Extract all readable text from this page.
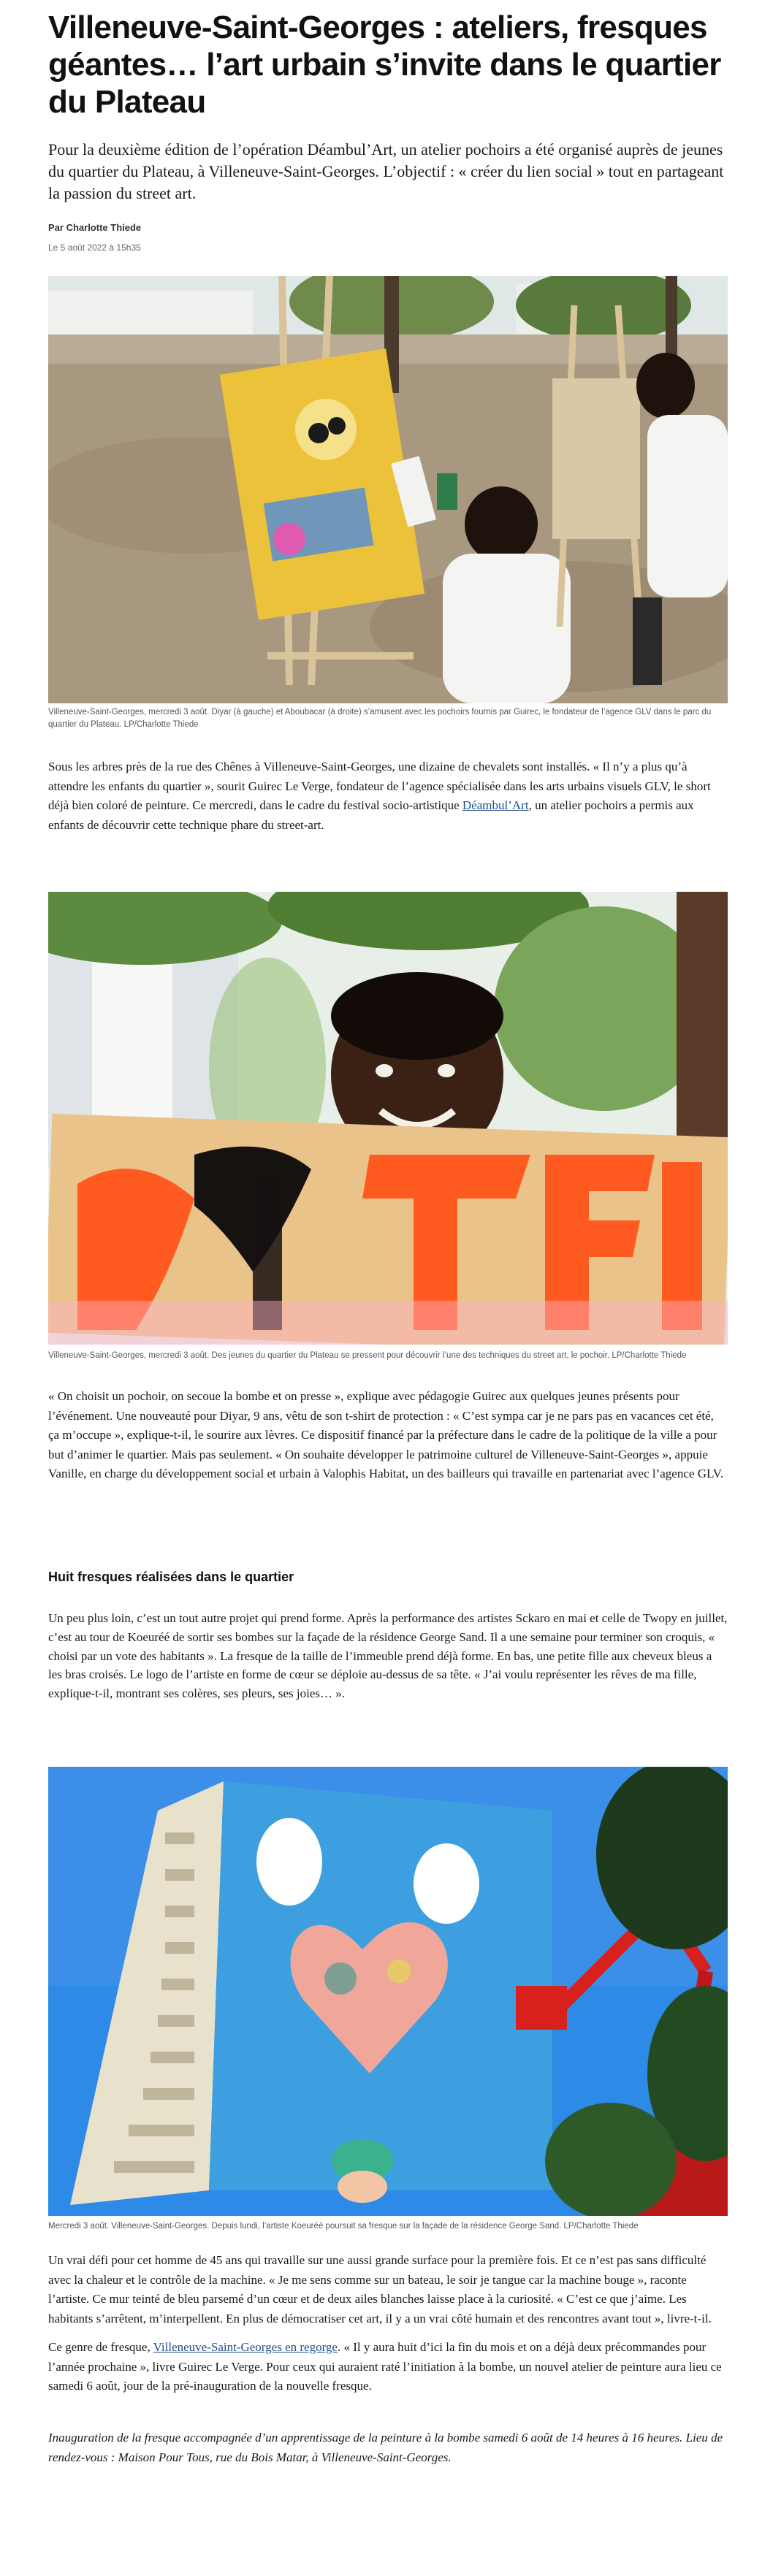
Villeneuve-Saint-Georges : ateliers, fresques géantes… l’art urbain s’invite dans le quartier du Plateau

Pour la deuxième édition de l’opération Déambul’Art, un atelier pochoirs a été organisé auprès de jeunes du quartier du Plateau, à Villeneuve-Saint-Georges. L’objectif : « créer du lien social » tout en partageant la passion du street art.

Par Charlotte Thiede

Le 5 août 2022 à 15h35

Villeneuve-Saint-Georges, mercredi 3 août. Diyar (à gauche) et Aboubacar (à droite) s’amusent avec les pochoirs fournis par Guirec, le fondateur de l’agence GLV dans le parc du quartier du Plateau. LP/Charlotte Thiede

Sous les arbres près de la rue des Chênes à Villeneuve-Saint-Georges, une dizaine de chevalets sont installés. « Il n’y a plus qu’à attendre les enfants du quartier », sourit Guirec Le Verge, fondateur de l’agence spécialisée dans les arts urbains visuels GLV, le short déjà bien coloré de peinture. Ce mercredi, dans le cadre du festival socio-artistique Déambul’Art, un atelier pochoirs a permis aux enfants de découvrir cette technique phare du street-art.

Villeneuve-Saint-Georges, mercredi 3 août. Des jeunes du quartier du Plateau se pressent pour découvrir l’une des techniques du street art, le pochoir. LP/Charlotte Thiede

« On choisit un pochoir, on secoue la bombe et on presse », explique avec pédagogie Guirec aux quelques jeunes présents pour l’événement. Une nouveauté pour Diyar, 9 ans, vêtu de son t-shirt de protection : « C’est sympa car je ne pars pas en vacances cet été, ça m’occupe », explique-t-il, le sourire aux lèvres. Ce dispositif financé par la préfecture dans le cadre de la politique de la ville a pour but d’animer le quartier. Mais pas seulement. « On souhaite développer le patrimoine culturel de Villeneuve-Saint-Georges », appuie Vanille, en charge du développement social et urbain à Valophis Habitat, un des bailleurs qui travaille en partenariat avec l’agence GLV.

Huit fresques réalisées dans le quartier

Un peu plus loin, c’est un tout autre projet qui prend forme. Après la performance des artistes Sckaro en mai et celle de Twopy en juillet, c’est au tour de Koeuréé de sortir ses bombes sur la façade de la résidence George Sand. Il a une semaine pour terminer son croquis, « choisi par un vote des habitants ». La fresque de la taille de l’immeuble prend déjà forme. En bas, une petite fille aux cheveux bleus a les bras croisés. Le logo de l’artiste en forme de cœur se déploie au-dessus de sa tête. « J’ai voulu représenter les rêves de ma fille, explique-t-il, montrant ses colères, ses pleurs, ses joies… ».

Mercredi 3 août. Villeneuve-Saint-Georges. Depuis lundi, l’artiste Koeuréé poursuit sa fresque sur la façade de la résidence George Sand. LP/Charlotte Thiede

Un vrai défi pour cet homme de 45 ans qui travaille sur une aussi grande surface pour la première fois. Et ce n’est pas sans difficulté avec la chaleur et le contrôle de la machine. « Je me sens comme sur un bateau, le soir je tangue car la machine bouge », raconte l’artiste. Ce mur teinté de bleu parsemé d’un cœur et de deux ailes blanches laisse place à la curiosité. « C’est ce que j’aime. Les habitants s’arrêtent, m’interpellent. En plus de démocratiser cet art, il y a un vrai côté humain et des rencontres avant tout », livre-t-il.

Ce genre de fresque, Villeneuve-Saint-Georges en regorge. « Il y aura huit d’ici la fin du mois et on a déjà deux précommandes pour l’année prochaine », livre Guirec Le Verge. Pour ceux qui auraient raté l’initiation à la bombe, un nouvel atelier de peinture aura lieu ce samedi 6 août, jour de la pré-inauguration de la nouvelle fresque.

Inauguration de la fresque accompagnée d’un apprentissage de la peinture à la bombe samedi 6 août de 14 heures à 16 heures. Lieu de rendez-vous : Maison Pour Tous, rue du Bois Matar, à Villeneuve-Saint-Georges.
